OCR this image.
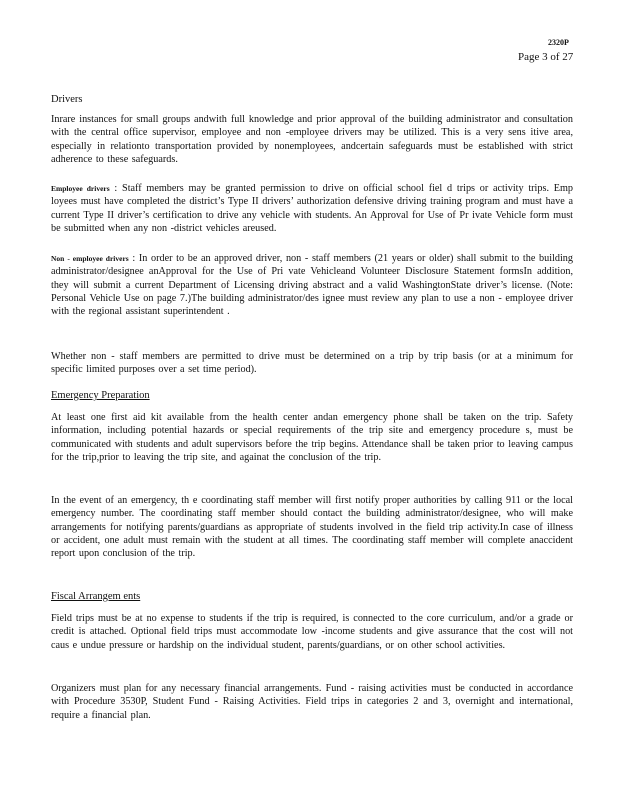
2320P
Page 3 of 27
Drivers
Inrare instances for small groups andwith full knowledge and prior approval of the building administrator and consultation with the central office supervisor, employee and non -employee drivers may be utilized. This is a very sens itive area, especially in relationto transportation provided by nonemployees, andcertain safeguards must be established with strict adherence to these safeguards.
Employee drivers : Staff members may be granted permission to drive on official school fiel d trips or activity trips. Emp loyees must have completed the district’s Type II drivers’ authorization defensive driving training program and must have a current Type II driver’s certification to drive any vehicle with students. An Approval for Use of Pr ivate Vehicle form must be submitted when any non -district vehicles areused.
Non - employee drivers : In order to be an approved driver, non - staff members (21 years or older) shall submit to the building administrator/designee anApproval for the Use of Pri vate Vehicleand Volunteer Disclosure Statement formsIn addition, they will submit a current Department of Licensing driving abstract and a valid WashingtonState driver’s license. (Note: Personal Vehicle Use on page 7.)The building administrator/des ignee must review any plan to use a non - employee driver with the regional assistant superintendent .
Whether non - staff members are permitted to drive must be determined on a trip by trip basis (or at a minimum for specific limited purposes over a set time period).
Emergency Preparation
At least one first aid kit available from the health center andan emergency phone shall be taken on the trip. Safety information, including potential hazards or special requirements of the trip site and emergency procedure s, must be communicated with students and adult supervisors before the trip begins. Attendance shall be taken prior to leaving campus for the trip,prior to leaving the trip site, and againat the conclusion of the trip.
In the event of an emergency, th e coordinating staff member will first notify proper authorities by calling 911 or the local emergency number. The coordinating staff member should contact the building administrator/designee, who will make arrangements for notifying parents/guardians as appropriate of students involved in the field trip activity.In case of illness or accident, one adult must remain with the student at all times. The coordinating staff member will complete anaccident report upon conclusion of the trip.
Fiscal Arrangem ents
Field trips must be at no expense to students if the trip is required, is connected to the core curriculum, and/or a grade or credit is attached. Optional field trips must accommodate low -income students and give assurance that the cost will not caus e undue pressure or hardship on the individual student, parents/guardians, or on other school activities.
Organizers must plan for any necessary financial arrangements. Fund - raising activities must be conducted in accordance with Procedure 3530P, Student Fund - Raising Activities. Field trips in categories 2 and 3, overnight and international, require a financial plan.
